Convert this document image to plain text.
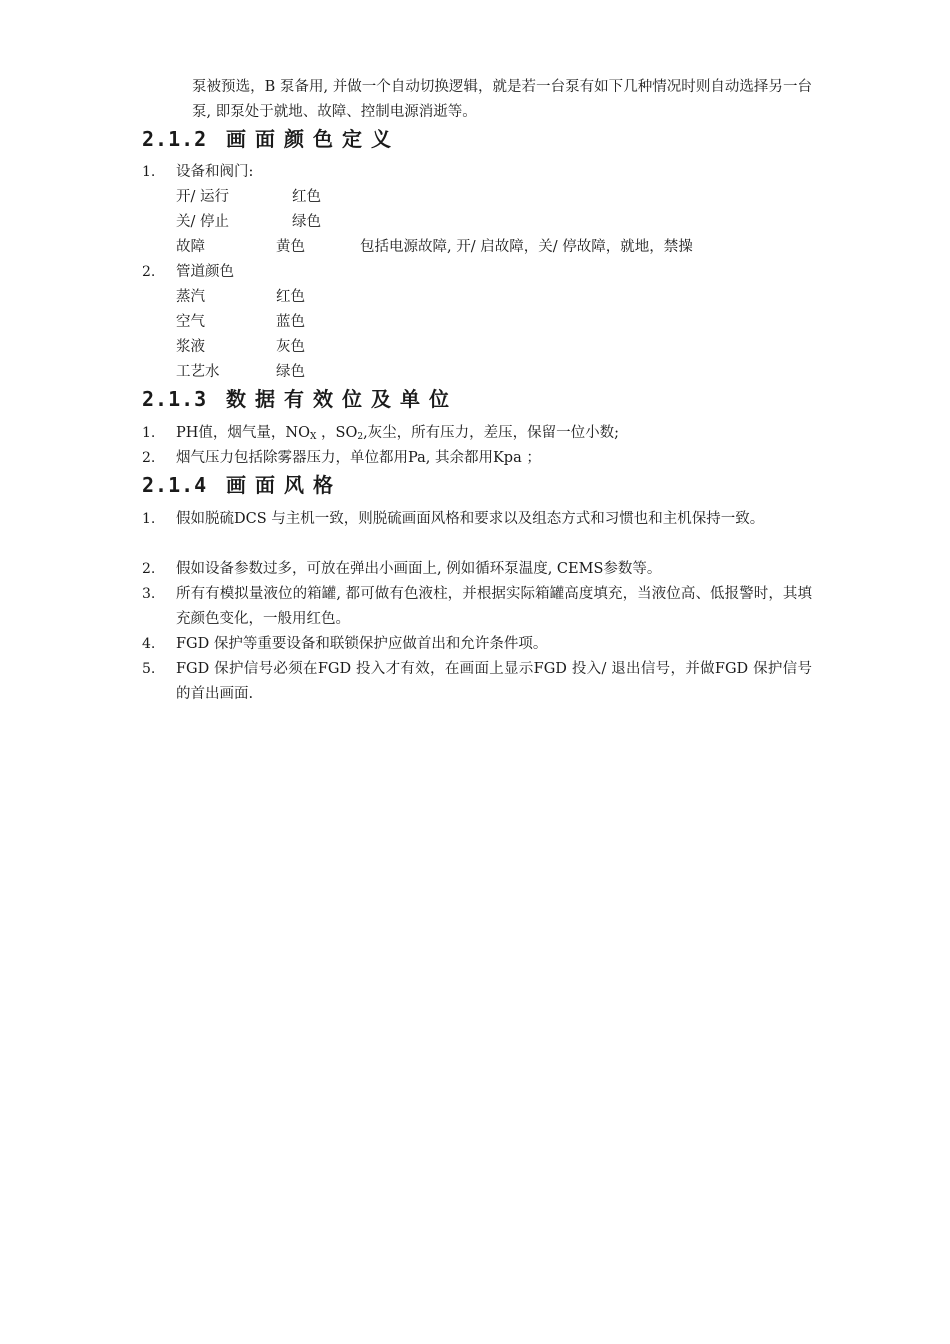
泵被预选，B 泵备用, 并做一个自动切换逻辑，就是若一台泵有如下几种情况时则自动选择另一台泵, 即泵处于就地、故障、控制电源消逝等。
2.1.2 画面颜色定义
1. 设备和阀门:
开/ 运行	红色
关/ 停止	绿色
故障	黄色	包括电源故障, 开/ 启故障，关/ 停故障，就地，禁操
2. 管道颜色
蒸汽	红色
空气	蓝色
浆液	灰色
工艺水	绿色
2.1.3 数据有效位及单位
1. PH值，烟气量，$NO_X$ ，$SO_2$,灰尘，所有压力，差压，保留一位小数;
2. 烟气压力包括除雾器压力，单位都用Pa, 其余都用Kpa ；
2.1.4 画面风格
1. 假如脱硫DCS 与主机一致，则脱硫画面风格和要求以及组态方式和习惯也和主机保持一致。
2. 假如设备参数过多，可放在弹出小画面上, 例如循环泵温度, CEMS参数等。
3. 所有有模拟量液位的箱罐, 都可做有色液柱，并根据实际箱罐高度填充，当液位高、低报警时，其填充颜色变化，一般用红色。
4. FGD 保护等重要设备和联锁保护应做首出和允许条件项。
5. FGD 保护信号必须在FGD 投入才有效，在画面上显示FGD 投入/ 退出信号，并做FGD 保护信号的首出画面.
